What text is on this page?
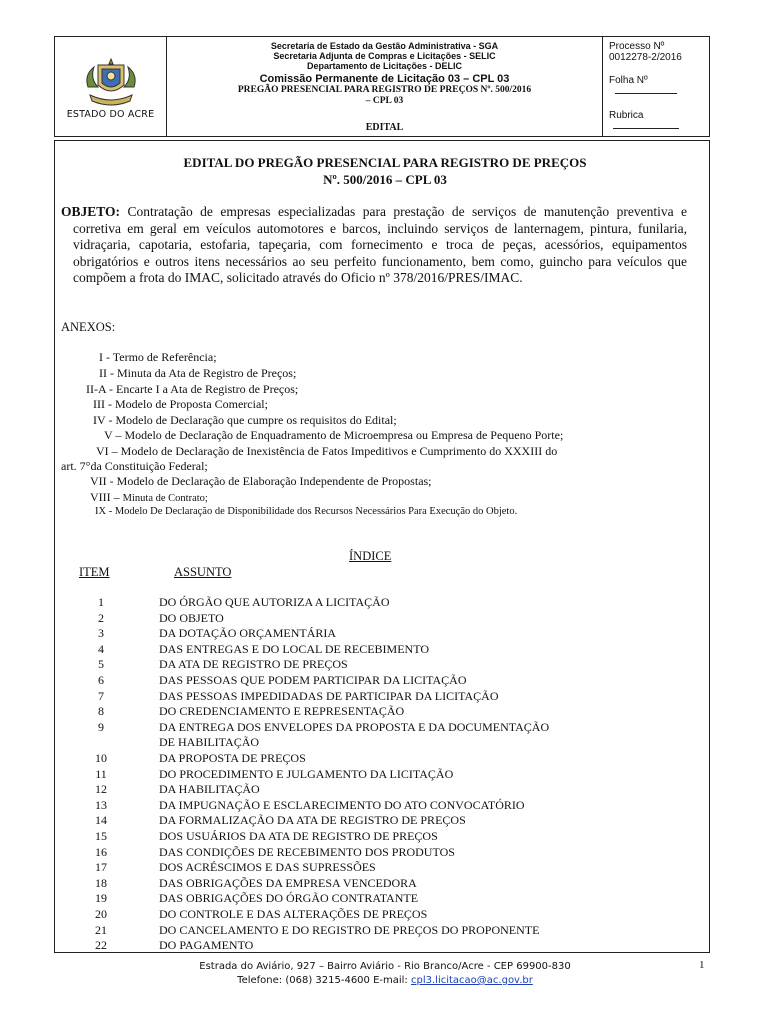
ESTADO DO ACRE
Secretaria de Estado da Gestão Administrativa - SGA
Secretaria Adjunta de Compras e Licitações - SELIC
Departamento de Licitações - DELIC
Comissão Permanente de Licitação 03 – CPL 03
PREGÃO PRESENCIAL PARA REGISTRO DE PREÇOS Nº. 500/2016
– CPL 03
EDITAL
Processo Nº 0012278-2/2016
Folha Nº
Rubrica
EDITAL DO PREGÃO PRESENCIAL PARA REGISTRO DE PREÇOS
Nº. 500/2016 – CPL 03

OBJETO: Contratação de empresas especializadas para prestação de serviços de manutenção preventiva e corretiva em geral em veículos automotores e barcos, incluindo serviços de lanternagem, pintura, funilaria, vidraçaria, capotaria, estofaria, tapeçaria, com fornecimento e troca de peças, acessórios, equipamentos obrigatórios e outros itens necessários ao seu perfeito funcionamento, bem como, guincho para veículos que compõem a frota do IMAC, solicitado através do Oficio nº 378/2016/PRES/IMAC.

ANEXOS:
I - Termo de Referência;
II - Minuta da Ata de Registro de Preços;
II-A - Encarte I a Ata de Registro de Preços;
III - Modelo de Proposta Comercial;
IV - Modelo de Declaração que cumpre os requisitos do Edital;
V – Modelo de Declaração de Enquadramento de Microempresa ou Empresa de Pequeno Porte;
VI – Modelo de Declaração de Inexistência de Fatos Impeditivos e Cumprimento do XXXIII do
art. 7°da Constituição Federal;
VII - Modelo de Declaração de Elaboração Independente de Propostas;
VIII – Minuta de Contrato;
IX - Modelo De Declaração de Disponibilidade dos Recursos Necessários Para Execução do Objeto.
ÍNDICE
ITEM	ASSUNTO
1	DO ÓRGÃO QUE AUTORIZA A LICITAÇÃO
2	DO OBJETO
3	DA DOTAÇÃO ORÇAMENTÁRIA
4	DAS ENTREGAS E DO LOCAL DE RECEBIMENTO
5	DA ATA DE REGISTRO DE PREÇOS
6	DAS PESSOAS QUE PODEM PARTICIPAR DA LICITAÇÃO
7	DAS PESSOAS IMPEDIDADAS DE PARTICIPAR DA LICITAÇÃO
8	DO CREDENCIAMENTO E REPRESENTAÇÃO
9	DA ENTREGA DOS ENVELOPES DA PROPOSTA E DA DOCUMENTAÇÃO
DE HABILITAÇÃO
10	DA PROPOSTA DE PREÇOS
11	DO PROCEDIMENTO E JULGAMENTO DA LICITAÇÃO
12	DA HABILITAÇÃO
13	DA IMPUGNAÇÃO E ESCLARECIMENTO DO ATO CONVOCATÓRIO
14	DA FORMALIZAÇÃO DA ATA DE REGISTRO DE PREÇOS
15	DOS USUÁRIOS DA ATA DE REGISTRO DE PREÇOS
16	DAS CONDIÇÕES DE RECEBIMENTO DOS PRODUTOS
17	DOS ACRÉSCIMOS E DAS SUPRESSÕES
18	DAS OBRIGAÇÕES DA EMPRESA VENCEDORA
19	DAS OBRIGAÇÕES DO ÓRGÃO CONTRATANTE
20	DO CONTROLE E DAS ALTERAÇÕES DE PREÇOS
21	DO CANCELAMENTO E DO REGISTRO DE PREÇOS DO PROPONENTE
22	DO PAGAMENTO
Estrada do Aviário, 927 – Bairro Aviário - Rio Branco/Acre - CEP 69900-830
Telefone: (068) 3215-4600 E-mail: cpl3.licitacao@ac.gov.br
1
